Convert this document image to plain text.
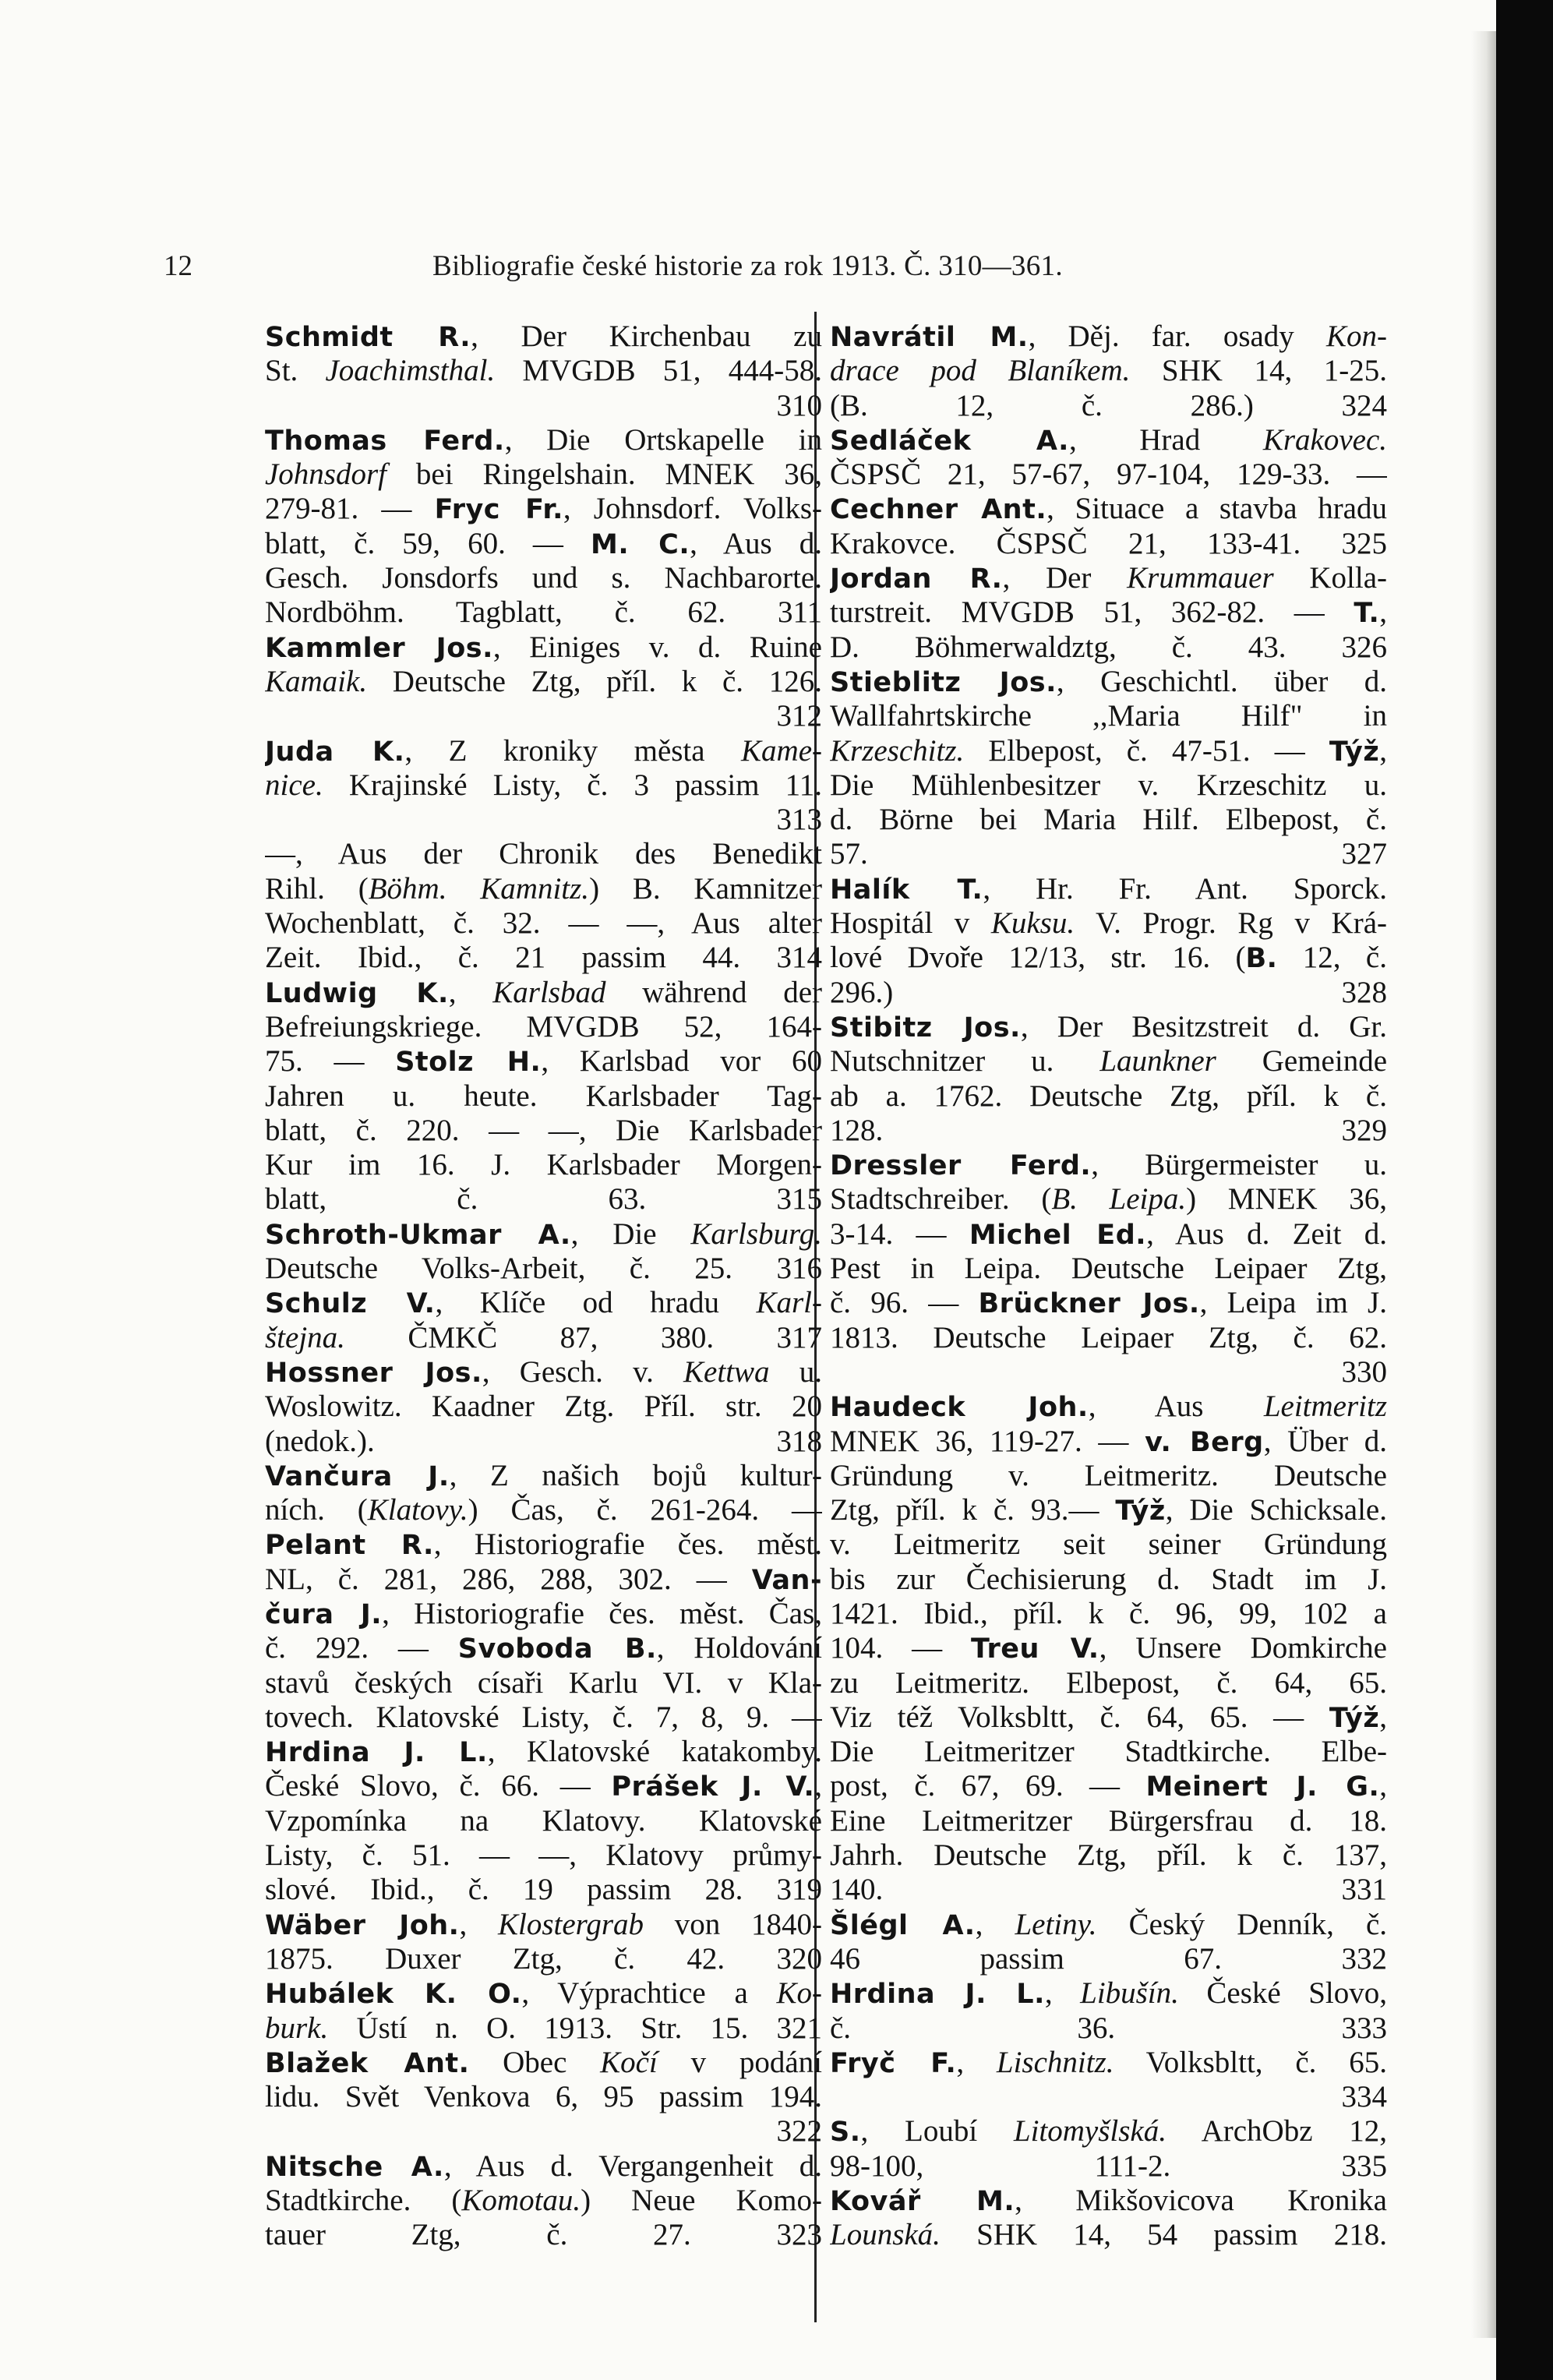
12	Bibliografie české historie za rok 1913. Č. 310—361.
Schmidt R., Der Kirchenbau zu
St. Joachimsthal. MVGDB 51, 444-58.
310
Thomas Ferd., Die Ortskapelle in
Johnsdorf bei Ringelshain. MNEK 36,
279-81. — Fryc Fr., Johnsdorf. Volks-
blatt, č. 59, 60. — M. C., Aus d.
Gesch. Jonsdorfs und s. Nachbarorte.
Nordböhm. Tagblatt, č. 62. 311
Kammler Jos., Einiges v. d. Ruine
Kamaik. Deutsche Ztg, příl. k č. 126.
312
Juda K., Z kroniky města Kame-
nice. Krajinské Listy, č. 3 passim 11.
313
—, Aus der Chronik des Benedikt
Rihl. (Böhm. Kamnitz.) B. Kamnitzer
Wochenblatt, č. 32. — —, Aus alter
Zeit. Ibid., č. 21 passim 44. 314
Ludwig K., Karlsbad während der
Befreiungskriege. MVGDB 52, 164-
75. — Stolz H., Karlsbad vor 60
Jahren u. heute. Karlsbader Tag-
blatt, č. 220. — —, Die Karlsbader
Kur im 16. J. Karlsbader Morgen-
blatt, č. 63. 315
Schroth-Ukmar A., Die Karlsburg.
Deutsche Volks-Arbeit, č. 25. 316
Schulz V., Klíče od hradu Karl-
štejna. ČMKČ 87, 380. 317
Hossner Jos., Gesch. v. Kettwa u.
Woslowitz. Kaadner Ztg. Příl. str. 20
(nedok.). 318
Vančura J., Z našich bojů kultur-
ních. (Klatovy.) Čas, č. 261-264. —
Pelant R., Historiografie čes. měst.
NL, č. 281, 286, 288, 302. — Van-
čura J., Historiografie čes. měst. Čas,
č. 292. — Svoboda B., Holdování
stavů českých císaři Karlu VI. v Kla-
tovech. Klatovské Listy, č. 7, 8, 9. —
Hrdina J. L., Klatovské katakomby.
České Slovo, č. 66. — Prášek J. V.,
Vzpomínka na Klatovy. Klatovské
Listy, č. 51. — —, Klatovy průmy-
slové. Ibid., č. 19 passim 28. 319
Wäber Joh., Klostergrab von 1840-
1875. Duxer Ztg, č. 42. 320
Hubálek K. O., Výprachtice a Ko-
burk. Ústí n. O. 1913. Str. 15. 321
Blažek Ant. Obec Kočí v podání
lidu. Svět Venkova 6, 95 passim 194.
322
Nitsche A., Aus d. Vergangenheit d.
Stadtkirche. (Komotau.) Neue Komo-
tauer Ztg, č. 27. 323
Navrátil M., Děj. far. osady Kon-
drace pod Blaníkem. SHK 14, 1-25.
(B. 12, č. 286.) 324
Sedláček A., Hrad Krakovec.
ČSPSČ 21, 57-67, 97-104, 129-33. —
Cechner Ant., Situace a stavba hradu
Krakovce. ČSPSČ 21, 133-41. 325
Jordan R., Der Krummauer Kolla-
turstreit. MVGDB 51, 362-82. — T.,
D. Böhmerwaldztg, č. 43. 326
Stieblitz Jos., Geschichtl. über d.
Wallfahrtskirche ,,Maria Hilf" in
Krzeschitz. Elbepost, č. 47-51. — Týž,
Die Mühlenbesitzer v. Krzeschitz u.
d. Börne bei Maria Hilf. Elbepost, č.
57. 327
Halík T., Hr. Fr. Ant. Sporck.
Hospitál v Kuksu. V. Progr. Rg v Krá-
lové Dvoře 12/13, str. 16. (B. 12, č.
296.) 328
Stibitz Jos., Der Besitzstreit d. Gr.
Nutschnitzer u. Launkner Gemeinde
ab a. 1762. Deutsche Ztg, příl. k č.
128. 329
Dressler Ferd., Bürgermeister u.
Stadtschreiber. (B. Leipa.) MNEK 36,
3-14. — Michel Ed., Aus d. Zeit d.
Pest in Leipa. Deutsche Leipaer Ztg,
č. 96. — Brückner Jos., Leipa im J.
1813. Deutsche Leipaer Ztg, č. 62.
330
Haudeck Joh., Aus Leitmeritz
MNEK 36, 119-27. — v. Berg, Über d.
Gründung v. Leitmeritz. Deutsche
Ztg, příl. k č. 93.— Týž, Die Schicksale.
v. Leitmeritz seit seiner Gründung
bis zur Čechisierung d. Stadt im J.
1421. Ibid., příl. k č. 96, 99, 102 a
104. — Treu V., Unsere Domkirche
zu Leitmeritz. Elbepost, č. 64, 65.
Viz též Volksbltt, č. 64, 65. — Týž,
Die Leitmeritzer Stadtkirche. Elbe-
post, č. 67, 69. — Meinert J. G.,
Eine Leitmeritzer Bürgersfrau d. 18.
Jahrh. Deutsche Ztg, příl. k č. 137,
140. 331
Šlégl A., Letiny. Český Denník, č.
46 passim 67. 332
Hrdina J. L., Libušín. České Slovo,
č. 36. 333
Fryč F., Lischnitz. Volksbltt, č. 65.
334
S., Loubí Litomyšlská. ArchObz 12,
98-100, 111-2. 335
Kovář M., Mikšovicova Kronika
Lounská. SHK 14, 54 passim 218.
